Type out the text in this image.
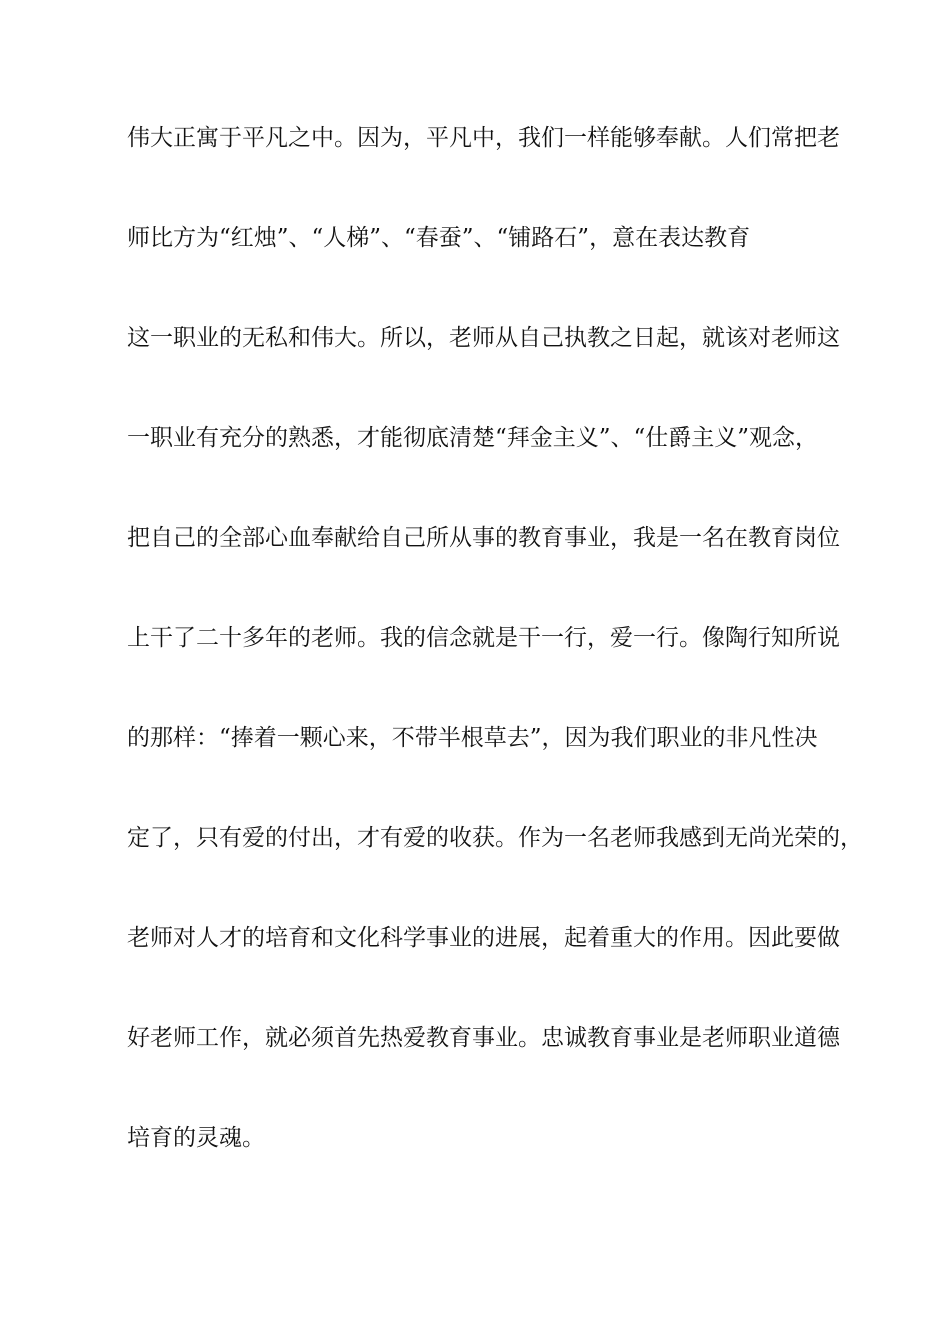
伟大正寓于平凡之中。因为，平凡中，我们一样能够奉献。人们常把老
师比方为“红烛”、“人梯”、“春蚕”、“铺路石”，意在表达教育
这一职业的无私和伟大。所以，老师从自己执教之日起，就该对老师这
一职业有充分的熟悉，才能彻底清楚“拜金主义”、“仕爵主义”观念，
把自己的全部心血奉献给自己所从事的教育事业，我是一名在教育岗位
上干了二十多年的老师。我的信念就是干一行，爱一行。像陶行知所说
的那样：“捧着一颗心来，不带半根草去”，因为我们职业的非凡性决
定了，只有爱的付出，才有爱的收获。作为一名老师我感到无尚光荣的，
老师对人才的培育和文化科学事业的进展，起着重大的作用。因此要做
好老师工作，就必须首先热爱教育事业。忠诚教育事业是老师职业道德
培育的灵魂。
